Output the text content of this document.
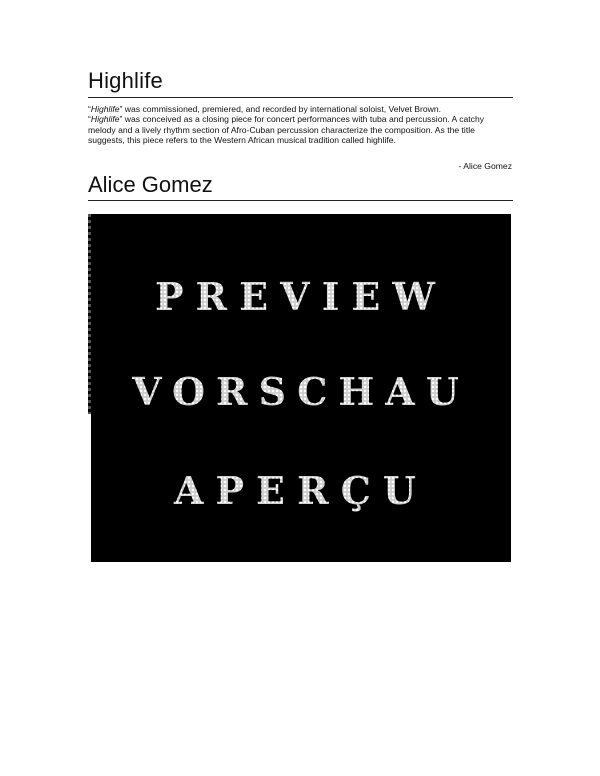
Highlife

“Highlife” was commissioned, premiered, and recorded by international soloist, Velvet Brown.

“Highlife” was conceived as a closing piece for concert performances with tuba and percussion. A catchy melody and a lively rhythm section of Afro-Cuban percussion characterize the composition. As the title suggests, this piece refers to the Western African musical tradition called highlife.

- Alice Gomez
Alice Gomez
PREVIEW
VORSCHAU
APERÇU
